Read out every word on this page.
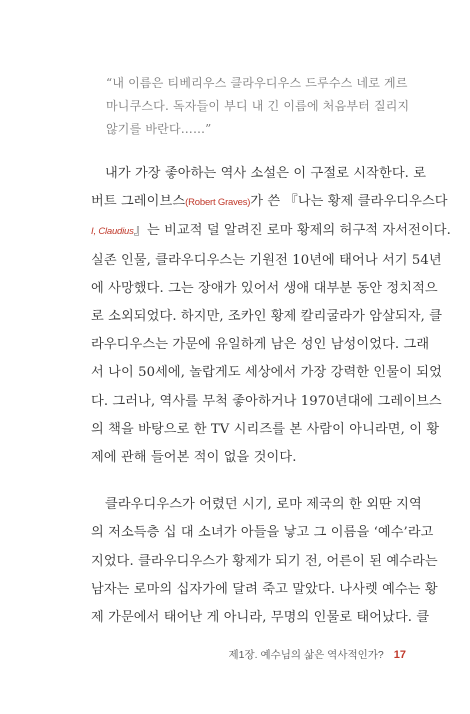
“내 이름은 티베리우스 클라우디우스 드루수스 네로 게르
마니쿠스다. 독자들이 부디 내 긴 이름에 처음부터 질리지
않기를 바란다……”
내가 가장 좋아하는 역사 소설은 이 구절로 시작한다. 로
버트 그레이브스(Robert Graves)가 쓴 『나는 황제 클라우디우스다
I, Claudius』는 비교적 덜 알려진 로마 황제의 허구적 자서전이다.
실존 인물, 클라우디우스는 기원전 10년에 태어나 서기 54년
에 사망했다. 그는 장애가 있어서 생애 대부분 동안 정치적으
로 소외되었다. 하지만, 조카인 황제 칼리굴라가 암살되자, 클
라우디우스는 가문에 유일하게 남은 성인 남성이었다. 그래
서 나이 50세에, 놀랍게도 세상에서 가장 강력한 인물이 되었
다. 그러나, 역사를 무척 좋아하거나 1970년대에 그레이브스
의 책을 바탕으로 한 TV 시리즈를 본 사람이 아니라면, 이 황
제에 관해 들어본 적이 없을 것이다.
클라우디우스가 어렸던 시기, 로마 제국의 한 외딴 지역
의 저소득층 십 대 소녀가 아들을 낳고 그 이름을 ‘예수’라고
지었다. 클라우디우스가 황제가 되기 전, 어른이 된 예수라는
남자는 로마의 십자가에 달려 죽고 말았다. 나사렛 예수는 황
제 가문에서 태어난 게 아니라, 무명의 인물로 태어났다. 클
제1장. 예수님의 삶은 역사적인가? 17
